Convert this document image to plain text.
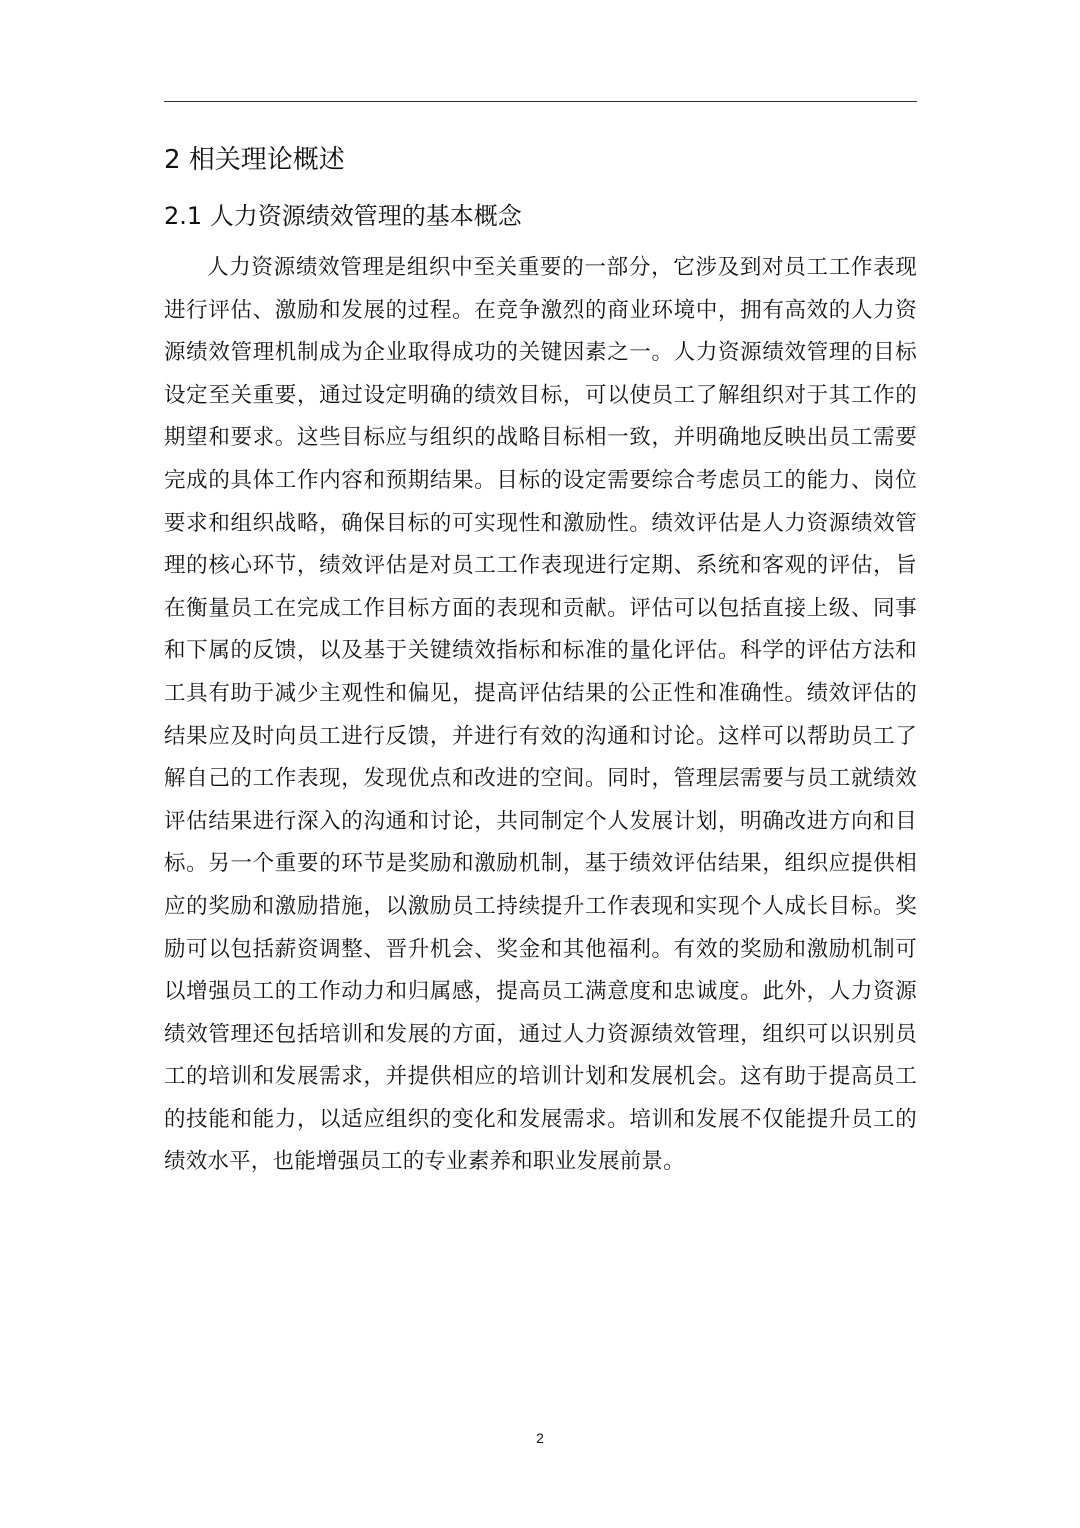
2 相关理论概述
2.1 人力资源绩效管理的基本概念

人力资源绩效管理是组织中至关重要的一部分，它涉及到对员工工作表现进行评估、激励和发展的过程。在竞争激烈的商业环境中，拥有高效的人力资源绩效管理机制成为企业取得成功的关键因素之一。人力资源绩效管理的目标设定至关重要，通过设定明确的绩效目标，可以使员工了解组织对于其工作的期望和要求。这些目标应与组织的战略目标相一致，并明确地反映出员工需要完成的具体工作内容和预期结果。目标的设定需要综合考虑员工的能力、岗位要求和组织战略，确保目标的可实现性和激励性。绩效评估是人力资源绩效管理的核心环节，绩效评估是对员工工作表现进行定期、系统和客观的评估，旨在衡量员工在完成工作目标方面的表现和贡献。评估可以包括直接上级、同事和下属的反馈，以及基于关键绩效指标和标准的量化评估。科学的评估方法和工具有助于减少主观性和偏见，提高评估结果的公正性和准确性。绩效评估的结果应及时向员工进行反馈，并进行有效的沟通和讨论。这样可以帮助员工了解自己的工作表现，发现优点和改进的空间。同时，管理层需要与员工就绩效评估结果进行深入的沟通和讨论，共同制定个人发展计划，明确改进方向和目标。另一个重要的环节是奖励和激励机制，基于绩效评估结果，组织应提供相应的奖励和激励措施，以激励员工持续提升工作表现和实现个人成长目标。奖励可以包括薪资调整、晋升机会、奖金和其他福利。有效的奖励和激励机制可以增强员工的工作动力和归属感，提高员工满意度和忠诚度。此外，人力资源绩效管理还包括培训和发展的方面，通过人力资源绩效管理，组织可以识别员工的培训和发展需求，并提供相应的培训计划和发展机会。这有助于提高员工的技能和能力，以适应组织的变化和发展需求。培训和发展不仅能提升员工的绩效水平，也能增强员工的专业素养和职业发展前景。

2
